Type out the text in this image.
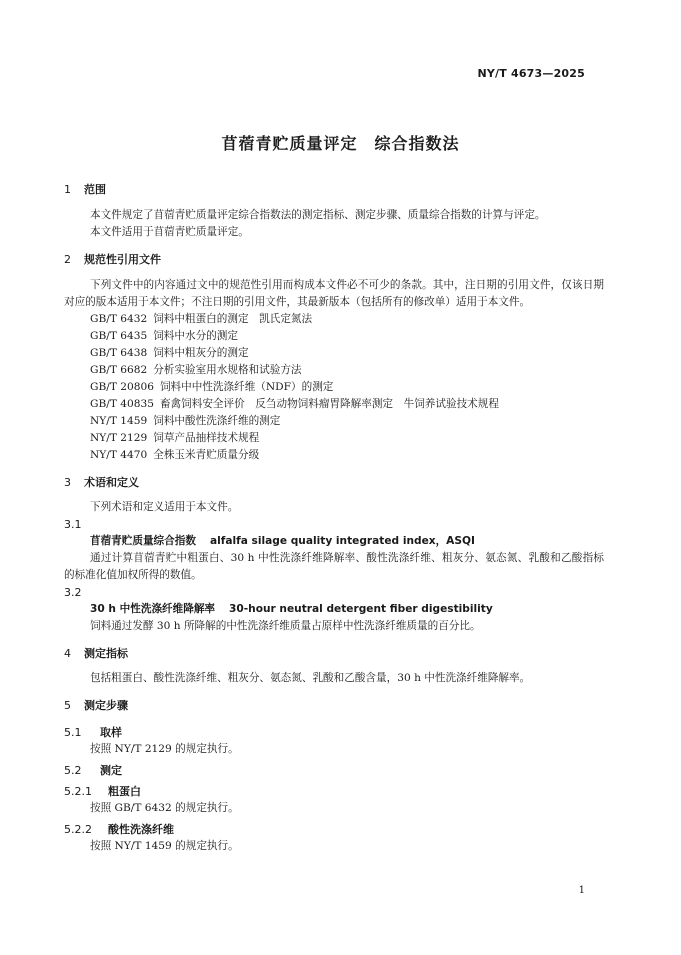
NY/T 4673—2025
苜蓿青贮质量评定　综合指数法
1 范围
本文件规定了苜蓿青贮质量评定综合指数法的测定指标、测定步骤、质量综合指数的计算与评定。
本文件适用于苜蓿青贮质量评定。
2 规范性引用文件
下列文件中的内容通过文中的规范性引用而构成本文件必不可少的条款。其中，注日期的引用文件，仅该日期对应的版本适用于本文件；不注日期的引用文件，其最新版本（包括所有的修改单）适用于本文件。
GB/T 6432 饲料中粗蛋白的测定　凯氏定氮法
GB/T 6435 饲料中水分的测定
GB/T 6438 饲料中粗灰分的测定
GB/T 6682 分析实验室用水规格和试验方法
GB/T 20806 饲料中中性洗涤纤维（NDF）的测定
GB/T 40835 畜禽饲料安全评价　反刍动物饲料瘤胃降解率测定　牛饲养试验技术规程
NY/T 1459 饲料中酸性洗涤纤维的测定
NY/T 2129 饲草产品抽样技术规程
NY/T 4470 全株玉米青贮质量分级
3 术语和定义
下列术语和定义适用于本文件。
3.1
苜蓿青贮质量综合指数 alfalfa silage quality integrated index，ASQI
通过计算苜蓿青贮中粗蛋白、30 h 中性洗涤纤维降解率、酸性洗涤纤维、粗灰分、氨态氮、乳酸和乙酸指标的标准化值加权所得的数值。
3.2
30 h 中性洗涤纤维降解率 30-hour neutral detergent fiber digestibility
饲料通过发酵 30 h 所降解的中性洗涤纤维质量占原样中性洗涤纤维质量的百分比。
4 测定指标
包括粗蛋白、酸性洗涤纤维、粗灰分、氨态氮、乳酸和乙酸含量，30 h 中性洗涤纤维降解率。
5 测定步骤
5.1 取样
按照 NY/T 2129 的规定执行。
5.2 测定
5.2.1 粗蛋白
按照 GB/T 6432 的规定执行。
5.2.2 酸性洗涤纤维
按照 NY/T 1459 的规定执行。
1
